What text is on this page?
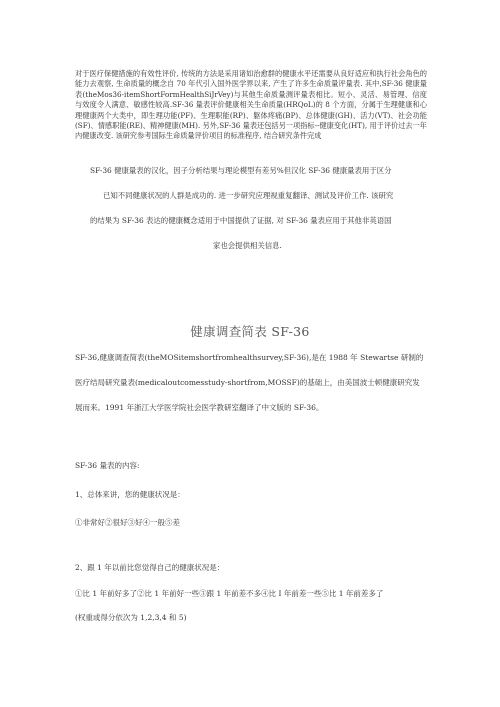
对于医疗保健措施的有效性评价, 传统的方法是采用诸如治愈群的健康水平还需要从良好适应和执行社会角色的能力去观察, 生命质量的概念自 70 年代引入国外医学界以来, 产生了许多生命质量评量表. 其中,SF-36 健康量表(theMos36-itemShortFormHealthSiJrVey)与其他生命质量测评量表相比。短小、灵活、易管理、信度与效度令人满意、敏感性较高.SF-36 量表评价健康相关生命质量(HRQoL)的 8 个方面，分属于生理健康和心理健康两个大类中，即生理功能(PF)、生理职能(RP)、躯体疼痛(BP)、总体健康(GH)、活力(VT)、社会功能(SF)、情感职能(RE)、精神健康(MH). 另外,SF-36 量表还包括另一项指标--健康变化(HT), 用于评价过去一年内健康改变. 该研究参考国际生命质量评价项目的标准程序, 结合研究条件完成

SF-36 健康量表的汉化，因子分析结果与理论模型有差另%但汉化 SF-36 健康量表用于区分
已知不同健康状况的人群是成功的. 进一步研究应理视重复翻译、测试及评价工作. 该研究
的结果为 SF-36 表达的健康概念适用于中国提供了证据, 对 SF-36 量表应用于其他非英语国
家也会提供相关信息.
健康调查简表 SF-36
SF-36,健康调查简表(theMOSitemshortfromhealthsurvey,SF-36),是在 1988 年 Stewartse 研制的
医疗结局研究量表(medicaloutcomesstudy-shortfrom,MOSSF)的基础上，由美国波士顿健康研究发
展而来。1991 年浙江大学医学院社会医学教研室翻译了中文版的 SF-36。
SF-36 量表的内容:
1、总体来讲，您的健康状况是：
①非常好②很好③好④一般⑤差
2、跟 1 年以前比您觉得自己的健康状况是：
①比 1 年前好多了②比 1 年前好一些③跟 1 年前差不多④比 I 年前差一些⑤比 1 年前差多了
(权重或得分依次为 1,2,3,4 和 5)
